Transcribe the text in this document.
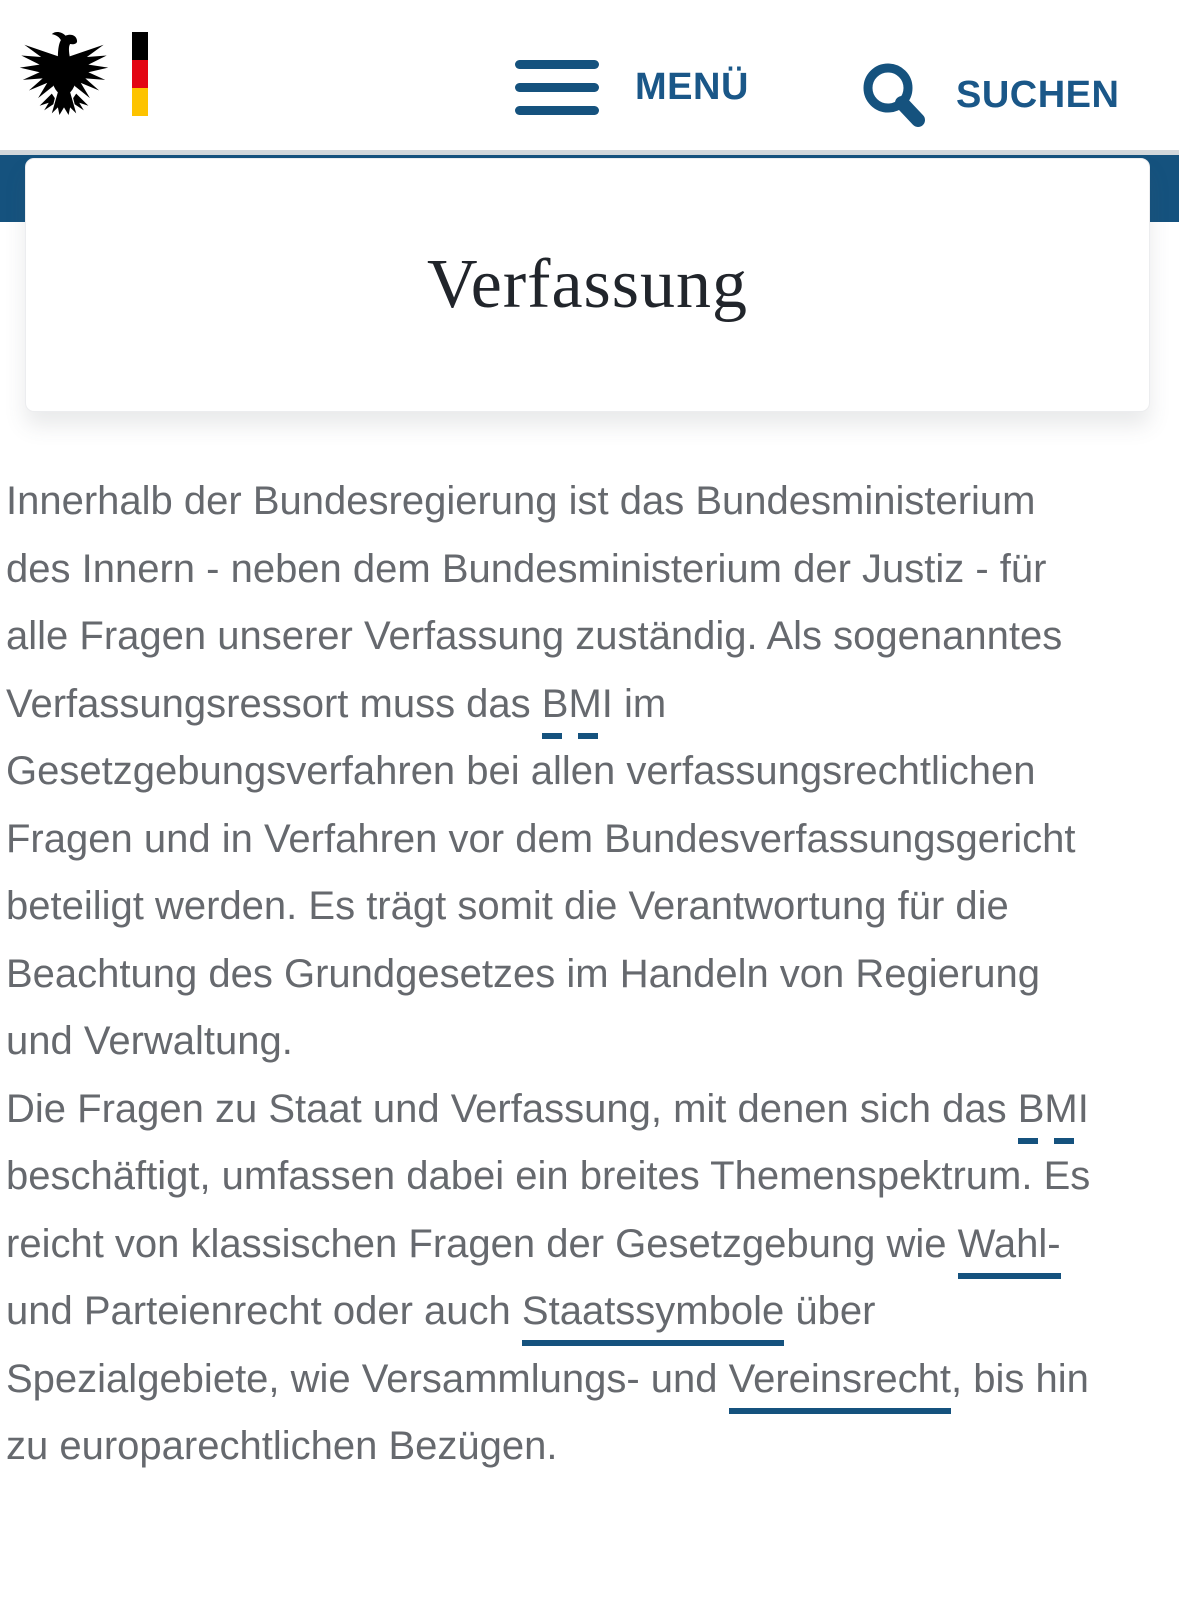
MENÜ	SUCHEN
Verfassung
Innerhalb der Bundesregierung ist das Bundesministerium
des Innern - neben dem Bundesministerium der Justiz - für
alle Fragen unserer Verfassung zuständig. Als sogenanntes
Verfassungsressort muss das BMI im
Gesetzgebungsverfahren bei allen verfassungsrechtlichen
Fragen und in Verfahren vor dem Bundesverfassungsgericht
beteiligt werden. Es trägt somit die Verantwortung für die
Beachtung des Grundgesetzes im Handeln von Regierung
und Verwaltung.
Die Fragen zu Staat und Verfassung, mit denen sich das BMI
beschäftigt, umfassen dabei ein breites Themenspektrum. Es
reicht von klassischen Fragen der Gesetzgebung wie Wahl-
und Parteienrecht oder auch Staatssymbole über
Spezialgebiete, wie Versammlungs- und Vereinsrecht, bis hin
zu europarechtlichen Bezügen.
